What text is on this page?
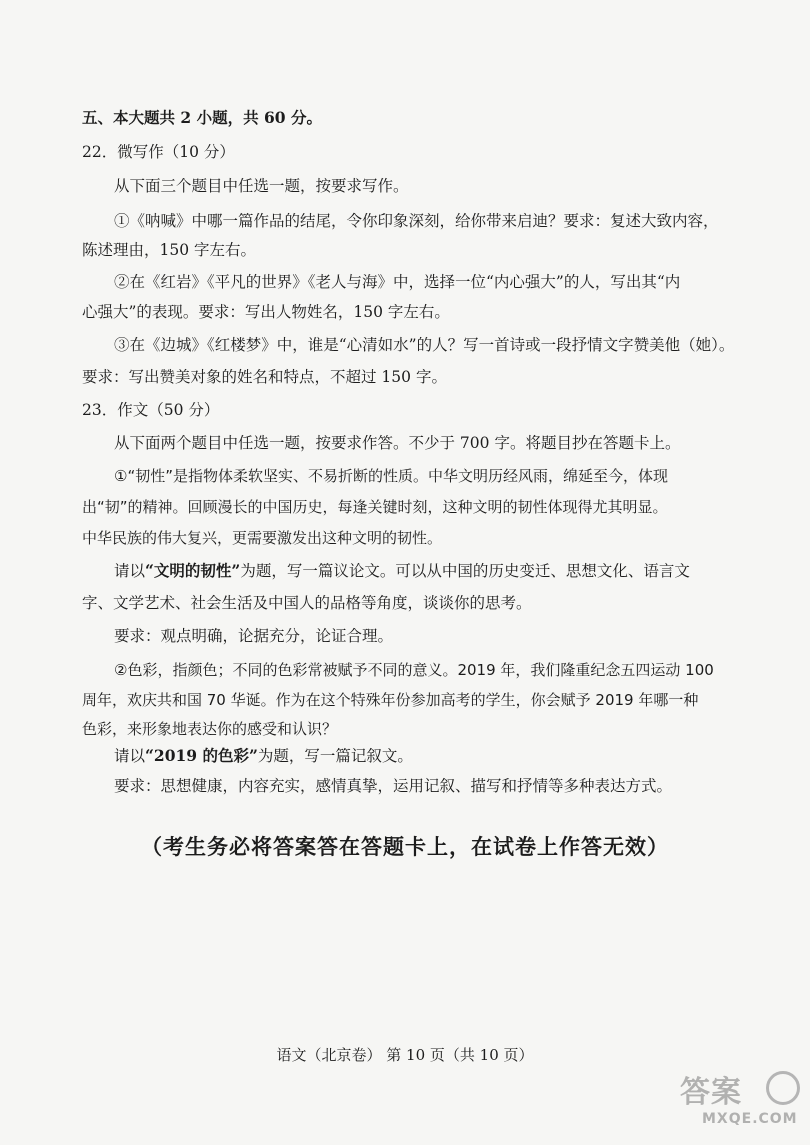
五、本大题共 2 小题，共 60 分。
22．微写作（10 分）
从下面三个题目中任选一题，按要求写作。
①《呐喊》中哪一篇作品的结尾，令你印象深刻，给你带来启迪？要求：复述大致内容，
陈述理由，150 字左右。
②在《红岩》《平凡的世界》《老人与海》中，选择一位“内心强大”的人，写出其“内
心强大”的表现。要求：写出人物姓名，150 字左右。
③在《边城》《红楼梦》中，谁是“心清如水”的人？写一首诗或一段抒情文字赞美他（她）。
要求：写出赞美对象的姓名和特点，不超过 150 字。
23．作文（50 分）
从下面两个题目中任选一题，按要求作答。不少于 700 字。将题目抄在答题卡上。
①“韧性”是指物体柔软坚实、不易折断的性质。中华文明历经风雨，绵延至今，体现
出“韧”的精神。回顾漫长的中国历史，每逢关键时刻，这种文明的韧性体现得尤其明显。
中华民族的伟大复兴，更需要激发出这种文明的韧性。
请以“文明的韧性”为题，写一篇议论文。可以从中国的历史变迁、思想文化、语言文
字、文学艺术、社会生活及中国人的品格等角度，谈谈你的思考。
要求：观点明确，论据充分，论证合理。
②色彩，指颜色；不同的色彩常被赋予不同的意义。2019 年，我们隆重纪念五四运动 100
周年，欢庆共和国 70 华诞。作为在这个特殊年份参加高考的学生，你会赋予 2019 年哪一种
色彩，来形象地表达你的感受和认识？
请以“2019 的色彩”为题，写一篇记叙文。
要求：思想健康，内容充实，感情真挚，运用记叙、描写和抒情等多种表达方式。
（考生务必将答案答在答题卡上，在试卷上作答无效）
语文（北京卷） 第 10 页（共 10 页）
答案
MXQE.COM
